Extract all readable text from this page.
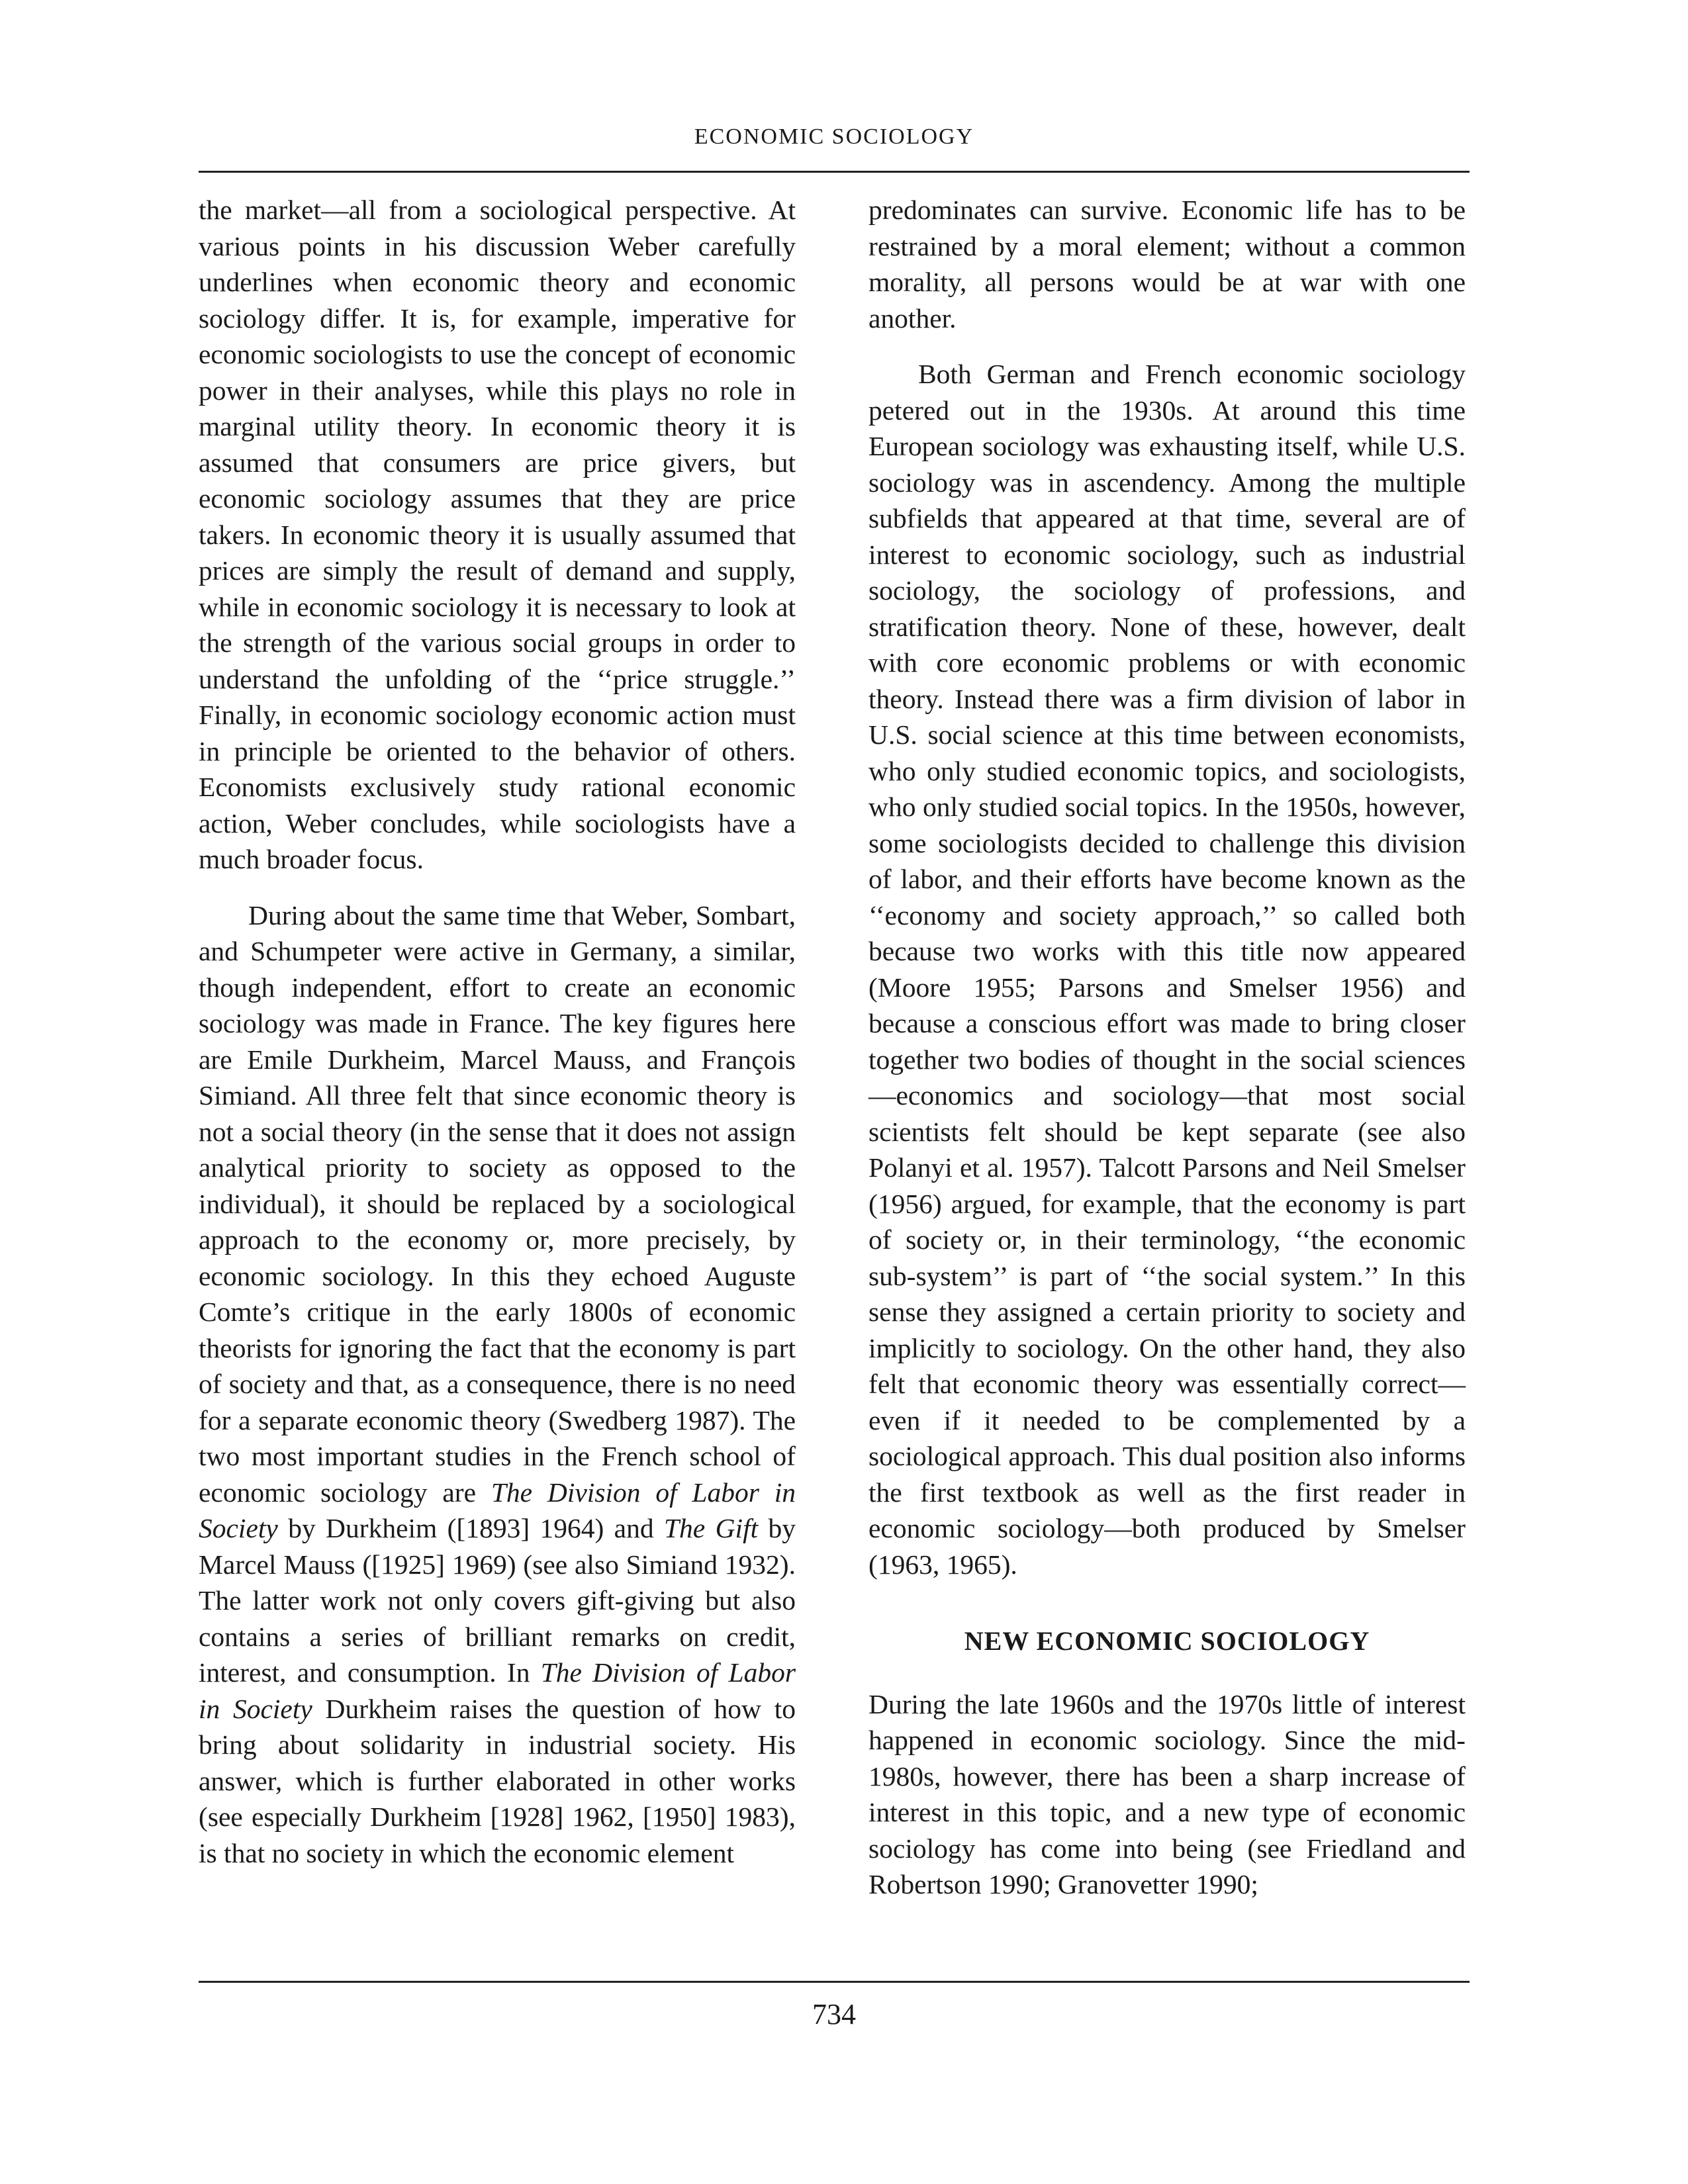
ECONOMIC SOCIOLOGY

the market—all from a sociological perspective. At various points in his discussion Weber carefully underlines when economic theory and economic sociology differ. It is, for example, imperative for economic sociologists to use the concept of economic power in their analyses, while this plays no role in marginal utility theory. In economic theory it is assumed that consumers are price givers, but economic sociology assumes that they are price takers. In economic theory it is usually assumed that prices are simply the result of demand and supply, while in economic sociology it is necessary to look at the strength of the various social groups in order to understand the unfolding of the ‘‘price struggle.’’ Finally, in economic sociology economic action must in principle be oriented to the behavior of others. Economists exclusively study rational economic action, Weber concludes, while sociologists have a much broader focus.

During about the same time that Weber, Sombart, and Schumpeter were active in Germany, a similar, though independent, effort to create an economic sociology was made in France. The key figures here are Emile Durkheim, Marcel Mauss, and François Simiand. All three felt that since economic theory is not a social theory (in the sense that it does not assign analytical priority to society as opposed to the individual), it should be replaced by a sociological approach to the economy or, more precisely, by economic sociology. In this they echoed Auguste Comte’s critique in the early 1800s of economic theorists for ignoring the fact that the economy is part of society and that, as a consequence, there is no need for a separate economic theory (Swedberg 1987). The two most important studies in the French school of economic sociology are The Division of Labor in Society by Durkheim ([1893] 1964) and The Gift by Marcel Mauss ([1925] 1969) (see also Simiand 1932). The latter work not only covers gift-giving but also contains a series of brilliant remarks on credit, interest, and consumption. In The Division of Labor in Society Durkheim raises the question of how to bring about solidarity in industrial society. His answer, which is further elaborated in other works (see especially Durkheim [1928] 1962, [1950] 1983), is that no society in which the economic element

predominates can survive. Economic life has to be restrained by a moral element; without a common morality, all persons would be at war with one another.

Both German and French economic sociology petered out in the 1930s. At around this time European sociology was exhausting itself, while U.S. sociology was in ascendency. Among the multiple subfields that appeared at that time, several are of interest to economic sociology, such as industrial sociology, the sociology of professions, and stratification theory. None of these, however, dealt with core economic problems or with economic theory. Instead there was a firm division of labor in U.S. social science at this time between economists, who only studied economic topics, and sociologists, who only studied social topics. In the 1950s, however, some sociologists decided to challenge this division of labor, and their efforts have become known as the ‘‘economy and society approach,’’ so called both because two works with this title now appeared (Moore 1955; Parsons and Smelser 1956) and because a conscious effort was made to bring closer together two bodies of thought in the social sciences—economics and sociology—that most social scientists felt should be kept separate (see also Polanyi et al. 1957). Talcott Parsons and Neil Smelser (1956) argued, for example, that the economy is part of society or, in their terminology, ‘‘the economic sub-system’’ is part of ‘‘the social system.’’ In this sense they assigned a certain priority to society and implicitly to sociology. On the other hand, they also felt that economic theory was essentially correct—even if it needed to be complemented by a sociological approach. This dual position also informs the first textbook as well as the first reader in economic sociology—both produced by Smelser (1963, 1965).

NEW ECONOMIC SOCIOLOGY

During the late 1960s and the 1970s little of interest happened in economic sociology. Since the mid-1980s, however, there has been a sharp increase of interest in this topic, and a new type of economic sociology has come into being (see Friedland and Robertson 1990; Granovetter 1990;

734
